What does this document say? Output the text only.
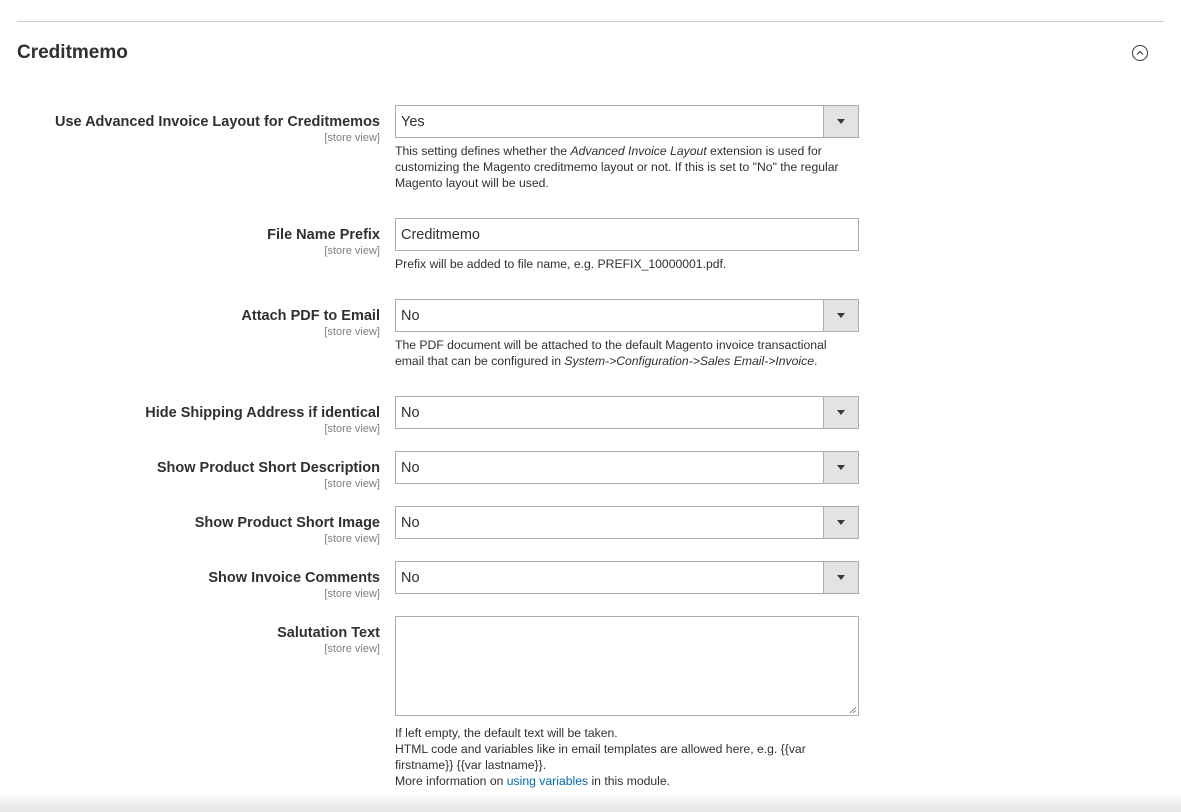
Creditmemo
Use Advanced Invoice Layout for Creditmemos
[store view]
Yes
This setting defines whether the Advanced Invoice Layout extension is used for customizing the Magento creditmemo layout or not. If this is set to "No" the regular Magento layout will be used.
File Name Prefix
[store view]
Creditmemo
Prefix will be added to file name, e.g. PREFIX_10000001.pdf.
Attach PDF to Email
[store view]
No
The PDF document will be attached to the default Magento invoice transactional email that can be configured in System->Configuration->Sales Email->Invoice.
Hide Shipping Address if identical
[store view]
No
Show Product Short Description
[store view]
No
Show Product Short Image
[store view]
No
Show Invoice Comments
[store view]
No
Salutation Text
[store view]
If left empty, the default text will be taken.
HTML code and variables like in email templates are allowed here, e.g. {{var firstname}} {{var lastname}}.
More information on using variables in this module.
